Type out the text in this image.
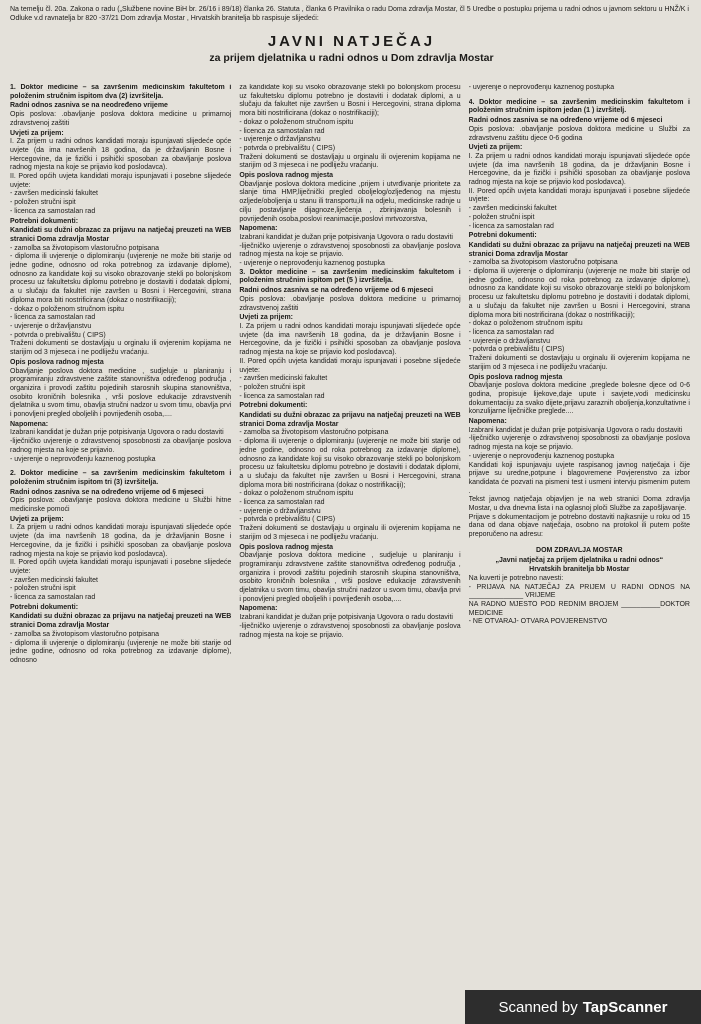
Na temelju čl. 20a. Zakona o radu („Službene novine BiH br. 26/16 i 89/18) članka 26. Statuta , članka 6 Pravilnika o radu Doma zdravlja Mostar, čl 5 Uredbe o postupku prijema u radni odnos u javnom sektoru u HNŽ/K i Odluke v.d ravnatelja br 820 -37/21 Dom zdravlja Mostar , Hrvatskih branitelja bb raspisuje slijedeći:

JAVNI NATJEČAJ
za prijem djelatnika u radni odnos u Dom zdravlja Mostar

1. Doktor medicine – sa završenim medicinskim fakultetom i položenim stručnim ispitom dva (2) izvršitelja.

Radni odnos zasniva se na neodređeno vrijeme

Opis poslova: .obavljanje poslova doktora medicine u primarnoj zdravstvenoj zaštiti

Uvjeti za prijem:

I. Za prijem u radni odnos kandidati moraju ispunjavati slijedeće opće uvjete (da ima navršenih 18 godina, da je državljanin Bosne i Hercegovine, da je fizički i psihički sposoban za obavljanje poslova radnog mjesta na koje se prijavio kod poslodavca).

II. Pored općih uvjeta kandidati moraju ispunjavati i posebne slijedeće uvjete:

- završen medicinski fakultet

- položen stručni ispit

- licenca za samostalan rad

Potrebni dokumenti:

Kandidati su dužni obrazac za prijavu na natječaj preuzeti na WEB stranici Doma zdravlja Mostar

- zamolba sa životopisom vlastoručno potpisana

- diploma ili uvjerenje o diplomiranju (uvjerenje ne može biti starije od jedne godine, odnosno od roka potrebnog za izdavanje diplome), odnosno za kandidate koji su visoko obrazovanje stekli po bolonjskom procesu uz fakultetsku diplomu potrebno je dostaviti i dodatak diplomi, a u slučaju da fakultet nije završen u Bosni i Hercegovini, strana diploma mora biti nostrificirana (dokaz o nostrifikaciji);

- dokaz o položenom stručnom ispitu

- licenca za samostalan rad

- uvjerenje o državljanstvu

- potvrda o prebivalištu ( CIPS)

Traženi dokumenti se dostavljaju u orginalu ili ovjerenim kopijama ne starijim od 3 mjeseca i ne podliježu vraćanju.

Opis poslova radnog mjesta

Obavljanje poslova doktora medicine , sudjeluje u planiranju i programiranju zdravstvene zaštite stanovništva određenog područja , organizira i provodi zaštitu pojedinih starosnih skupina stanovništva, osobito kroničnih bolesnika , vrši poslove edukacije zdravstvenih djelatnika u svom timu, obavlja stručni nadzor u svom timu, obavlja prvi i ponovljeni pregled oboljelih i povrijeđenih osoba,....

Napomena:

Izabrani kandidat je dužan prije potpisivanja Ugovora o radu dostaviti

-liječničko uvjerenje o zdravstvenoj sposobnosti za obavljanje poslova radnog mjesta na koje se prijavio.

- uvjerenje o neprovođenju kaznenog postupka

2. Doktor medicine – sa završenim medicinskim fakultetom i položenim stručnim ispitom tri (3) izvršitelja.

Radni odnos zasniva se na određeno vrijeme od 6 mjeseci

Opis poslova: .obavljanje poslova doktora medicine u Službi hitne medicinske pomoći

Uvjeti za prijem:

I. Za prijem u radni odnos kandidati moraju ispunjavati slijedeće opće uvjete (da ima navršenih 18 godina, da je državljanin Bosne i Hercegovine, da je fizički i psihički sposoban za obavljanje poslova radnog mjesta na koje se prijavio kod poslodavca).

II. Pored općih uvjeta kandidati moraju ispunjavati i posebne slijedeće uvjete:

- završen medicinski fakultet

- položen stručni ispit

- licenca za samostalan rad

Potrebni dokumenti:

Kandidati su dužni obrazac za prijavu na natječaj preuzeti na WEB stranici Doma zdravlja Mostar

- zamolba sa životopisom vlastoručno potpisana

- diploma ili uvjerenje o diplomiranju (uvjerenje ne može biti starije od jedne godine, odnosno od roka potrebnog za izdavanje diplome), odnosno

za kandidate koji su visoko obrazovanje stekli po bolonjskom procesu uz fakultetsku diplomu potrebno je dostaviti i dodatak diplomi, a u slučaju da fakultet nije završen u Bosni i Hercegovini, strana diploma mora biti nostrificirana (dokaz o nostrifikaciji);

- dokaz o položenom stručnom ispitu

- licenca za samostalan rad

- uvjerenje o državljanstvu

- potvrda o prebivalištu ( CIPS)

Traženi dokumenti se dostavljaju u orginalu ili ovjerenim kopijama ne starijim od 3 mjeseca i ne podliježu vraćanju.

Opis poslova radnog mjesta

Obavljanje poslova doktora medicine ,prijem i utvrđivanje prioritete za slanje tima HMP,liječnički pregled oboljelog/ozljeđenog na mjestu ozljede/oboljenja u stanu ili transportu,ili na odjelu, medicinske radnje u cilju postavljanje dijagnoze,liječenja , zbrinjavanja bolesnih i povrijeđenih osoba,poslovi reanimacije,poslovi mrtvozorstva,

Napomena:

Izabrani kandidat je dužan prije potpisivanja Ugovora o radu dostaviti

-liječničko uvjerenje o zdravstvenoj sposobnosti za obavljanje poslova radnog mjesta na koje se prijavio.

- uvjerenje o neprovođenju kaznenog postupka

3. Doktor medicine – sa završenim medicinskim fakultetom i položenim stručnim ispitom pet (5 ) izvršitelja.

Radni odnos zasniva se na određeno vrijeme od 6 mjeseci

Opis poslova: .obavljanje poslova doktora medicine u primarnoj zdravstvenoj zaštiti

Uvjeti za prijem:

I. Za prijem u radni odnos kandidati moraju ispunjavati slijedeće opće uvjete (da ima navršenih 18 godina, da je državljanin Bosne i Hercegovine, da je fizički i psihički sposoban za obavljanje poslova radnog mjesta na koje se prijavio kod poslodavca).

II. Pored općih uvjeta kandidati moraju ispunjavati i posebne slijedeće uvjete:

- završen medicinski fakultet

- položen stručni ispit

- licenca za samostalan rad

Potrebni dokumenti:

Kandidati su dužni obrazac za prijavu na natječaj preuzeti na WEB stranici Doma zdravlja Mostar

- zamolba sa životopisom vlastoručno potpisana

- diploma ili uvjerenje o diplomiranju (uvjerenje ne može biti starije od jedne godine, odnosno od roka potrebnog za izdavanje diplome), odnosno za kandidate koji su visoko obrazovanje stekli po bolonjskom procesu uz fakultetsku diplomu potrebno je dostaviti i dodatak diplomi, a u slučaju da fakultet nije završen u Bosni i Hercegovini, strana diploma mora biti nostrificirana (dokaz o nostrifikaciji);

- dokaz o položenom stručnom ispitu

- licenca za samostalan rad

- uvjerenje o državljanstvu

- potvrda o prebivalištu ( CIPS)

Traženi dokumenti se dostavljaju u orginalu ili ovjerenim kopijama ne starijim od 3 mjeseca i ne podliježu vraćanju.

Opis poslova radnog mjesta

Obavljanje poslova doktora medicine , sudjeluje u planiranju i programiranju zdravstvene zaštite stanovništva određenog područja , organizira i provodi zaštitu pojedinih starosnih skupina stanovništva, osobito kroničnih bolesnika , vrši poslove edukacije zdravstvenih djelatnika u svom timu, obavlja stručni nadzor u svom timu, obavlja prvi i ponovljeni pregled oboljelih i povrijeđenih osoba,....

Napomena:

Izabrani kandidat je dužan prije potpisivanja Ugovora o radu dostaviti

-liječničko uvjerenje o zdravstvenoj sposobnosti za obavljanje poslova radnog mjesta na koje se prijavio.

- uvjerenje o neprovođenju kaznenog postupka

4. Doktor medicine – sa završenim medicinskim fakultetom i položenim stručnim ispitom jedan (1 ) izvršitelj.

Radni odnos zasniva se na određeno vrijeme od 6 mjeseci

Opis poslova: .obavljanje poslova doktora medicine u Službi za zdravstvenu zaštitu djece 0-6 godina

Uvjeti za prijem:

I. Za prijem u radni odnos kandidati moraju ispunjavati slijedeće opće uvjete (da ima navršenih 18 godina, da je državljanin Bosne i Hercegovine, da je fizički i psihički sposoban za obavljanje poslova radnog mjesta na koje se prijavio kod poslodavca).

II. Pored općih uvjeta kandidati moraju ispunjavati i posebne slijedeće uvjete:

- završen medicinski fakultet

- položen stručni ispit

- licenca za samostalan rad

Potrebni dokumenti:

Kandidati su dužni obrazac za prijavu na natječaj preuzeti na WEB stranici Doma zdravlja Mostar

- zamolba sa životopisom vlastoručno potpisana

- diploma ili uvjerenje o diplomiranju (uvjerenje ne može biti starije od jedne godine, odnosno od roka potrebnog za izdavanje diplome), odnosno za kandidate koji su visoko obrazovanje stekli po bolonjskom procesu uz fakultetsku diplomu potrebno je dostaviti i dodatak diplomi, a u slučaju da fakultet nije završen u Bosni i Hercegovini, strana diploma mora biti nostrificirana (dokaz o nostrifikaciji);

- dokaz o položenom stručnom ispitu

- licenca za samostalan rad

- uvjerenje o državljanstvu

- potvrda o prebivalištu ( CIPS)

Traženi dokumenti se dostavljaju u orginalu ili ovjerenim kopijama ne starijim od 3 mjeseca i ne podliježu vraćanju.

Opis poslova radnog mjesta

Obavljanje poslova doktora medicine ,preglede bolesne djece od 0-6 godina, propisuje lijekove,daje upute i savjete,vodi medicinsku dokumentaciju za svako dijete,prijavu zaraznih oboljenja,konzultativne i konzulijarne liječničke preglede....

Napomena:

Izabrani kandidat je dužan prije potpisivanja Ugovora o radu dostaviti

-liječničko uvjerenje o zdravstvenoj sposobnosti za obavljanje poslova radnog mjesta na koje se prijavio.

- uvjerenje o neprovođenju kaznenog postupka

Kandidati koji ispunjavaju uvjete raspisanog javnog natječaja i čije prijave su uredne,potpune i blagovremene Povjerenstvo za izbor kandidata će pozvati na pismeni test i usmeni intervju pismenim putem .

Tekst javnog natječaja objavljen je na web stranici Doma zdravlja Mostar, u dva dnevna lista i na oglasnoj ploči Službe za zapošljavanje.

Prijave s dokumentacijom je potrebno dostaviti najkasnije u roku od 15 dana od dana objave natječaja, osobno na protokol ili putem pošte preporučeno na adresu:

DOM ZDRAVLJA MOSTAR

„Javni natječaj za prijem djelatnika u radni odnos“

Hrvatskih branitelja bb Mostar

Na kuverti je potrebno navesti:

- PRIJAVA NA NATJEČAJ ZA PRIJEM U RADNI ODNOS NA ______________ VRIJEME

NA RADNO MJESTO POD REDNIM BROJEM __________DOKTOR MEDICINE

- NE OTVARAJ- OTVARA POVJERENSTVO

Scanned by TapScanner
